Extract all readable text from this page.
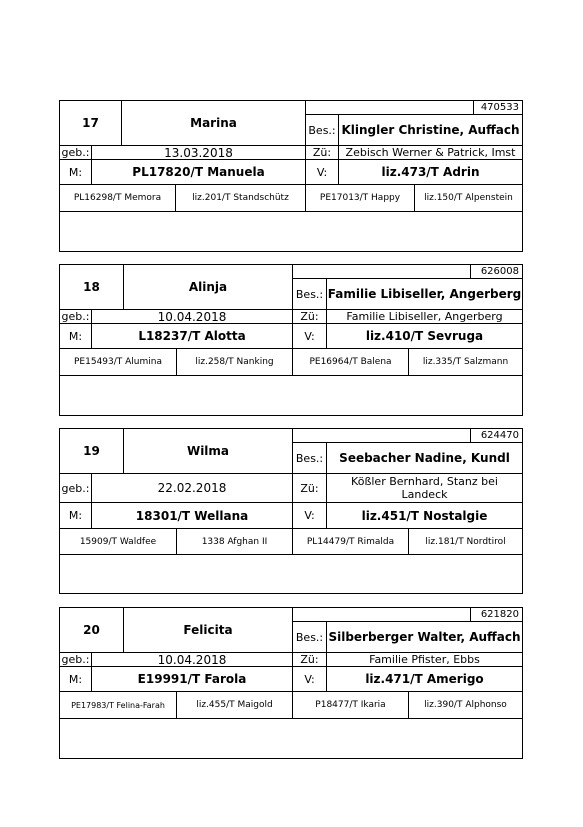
17	Marina
470533
Bes.: Klingler Christine, Auffach
geb.:	13.03.2018	Zü:	Zebisch Werner & Patrick, Imst
M:	PL17820/T Manuela	V:	liz.473/T Adrin
PL16298/T Memora	liz.201/T Standschütz	PE17013/T Happy	liz.150/T Alpenstein
18	Alinja
626008
Bes.: Familie Libiseller, Angerberg
geb.:	10.04.2018	Zü:	Familie Libiseller, Angerberg
M:	L18237/T Alotta	V:	liz.410/T Sevruga
PE15493/T Alumina	liz.258/T Nanking	PE16964/T Balena	liz.335/T Salzmann
19	Wilma
624470
Bes.:	Seebacher Nadine, Kundl
geb.:	22.02.2018	Zü:	Kößler Bernhard, Stanz bei Landeck
M:	18301/T Wellana	V:	liz.451/T Nostalgie
15909/T Waldfee	1338 Afghan II	PL14479/T Rimalda	liz.181/T Nordtirol
20	Felicita
621820
Bes.: Silberberger Walter, Auffach
geb.:	10.04.2018	Zü:	Familie Pfister, Ebbs
M:	E19991/T Farola	V:	liz.471/T Amerigo
PE17983/T Felina-Farah	liz.455/T Maigold	P18477/T Ikaria	liz.390/T Alphonso
